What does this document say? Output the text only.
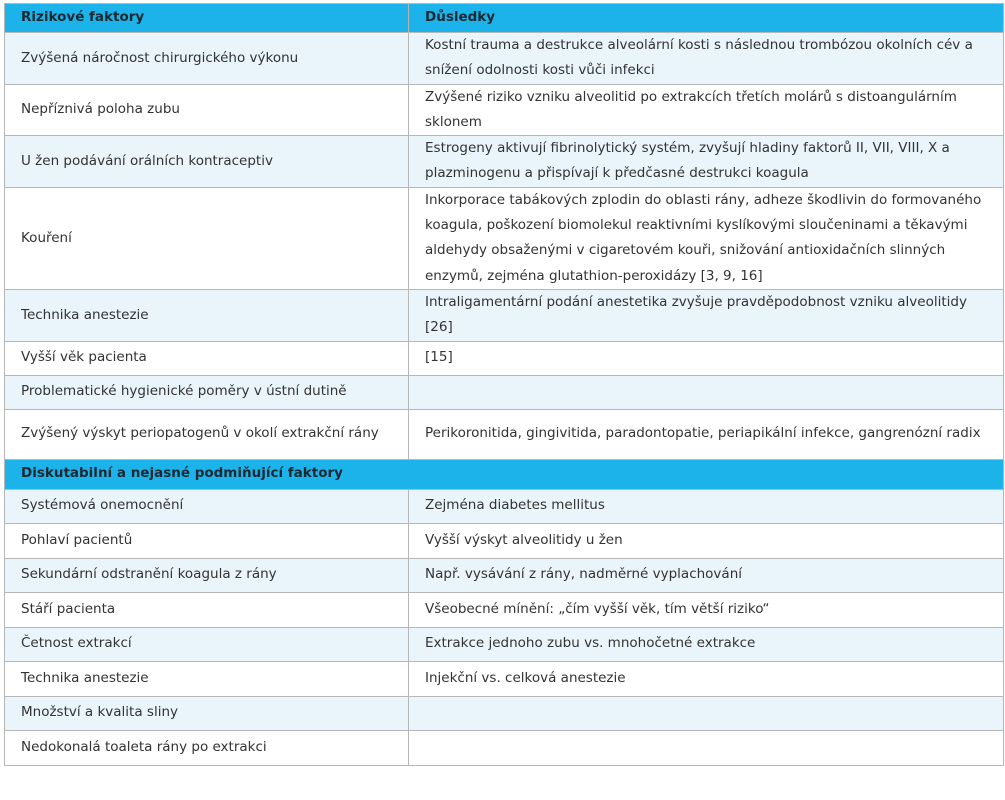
Rizikové faktory	Důsledky
Zvýšená náročnost chirurgického výkonu	Kostní trauma a destrukce alveolární kosti s následnou trombózou okolních cév a snížení odolnosti kosti vůči infekci
Nepříznivá poloha zubu	Zvýšené riziko vzniku alveolitid po extrakcích třetích molárů s distoangulárním sklonem
U žen podávání orálních kontraceptiv	Estrogeny aktivují fibrinolytický systém, zvyšují hladiny faktorů II, VII, VIII, X a plazminogenu a přispívají k předčasné destrukci koagula
Kouření	Inkorporace tabákových zplodin do oblasti rány, adheze škodlivin do formovaného koagula, poškození biomolekul reaktivními kyslíkovými sloučeninami a těkavými aldehydy obsaženými v cigaretovém kouři, snižování antioxidačních slinných enzymů, zejména glutathion-peroxidázy [3, 9, 16]
Technika anestezie	Intraligamentární podání anestetika zvyšuje pravděpodobnost vzniku alveolitidy [26]
Vyšší věk pacienta	[15]
Problematické hygienické poměry v ústní dutině	
Zvýšený výskyt periopatogenů v okolí extrakční rány	Perikoronitida, gingivitida, paradontopatie, periapikální infekce, gangrenózní radix
Diskutabilní a nejasné podmiňující faktory	
Systémová onemocnění	Zejména diabetes mellitus
Pohlaví pacientů	Vyšší výskyt alveolitidy u žen
Sekundární odstranění koagula z rány	Např. vysávání z rány, nadměrné vyplachování
Stáří pacienta	Všeobecné mínění: „čím vyšší věk, tím větší riziko“
Četnost extrakcí	Extrakce jednoho zubu vs. mnohočetné extrakce
Technika anestezie	Injekční vs. celková anestezie
Množství a kvalita sliny	
Nedokonalá toaleta rány po extrakci	
